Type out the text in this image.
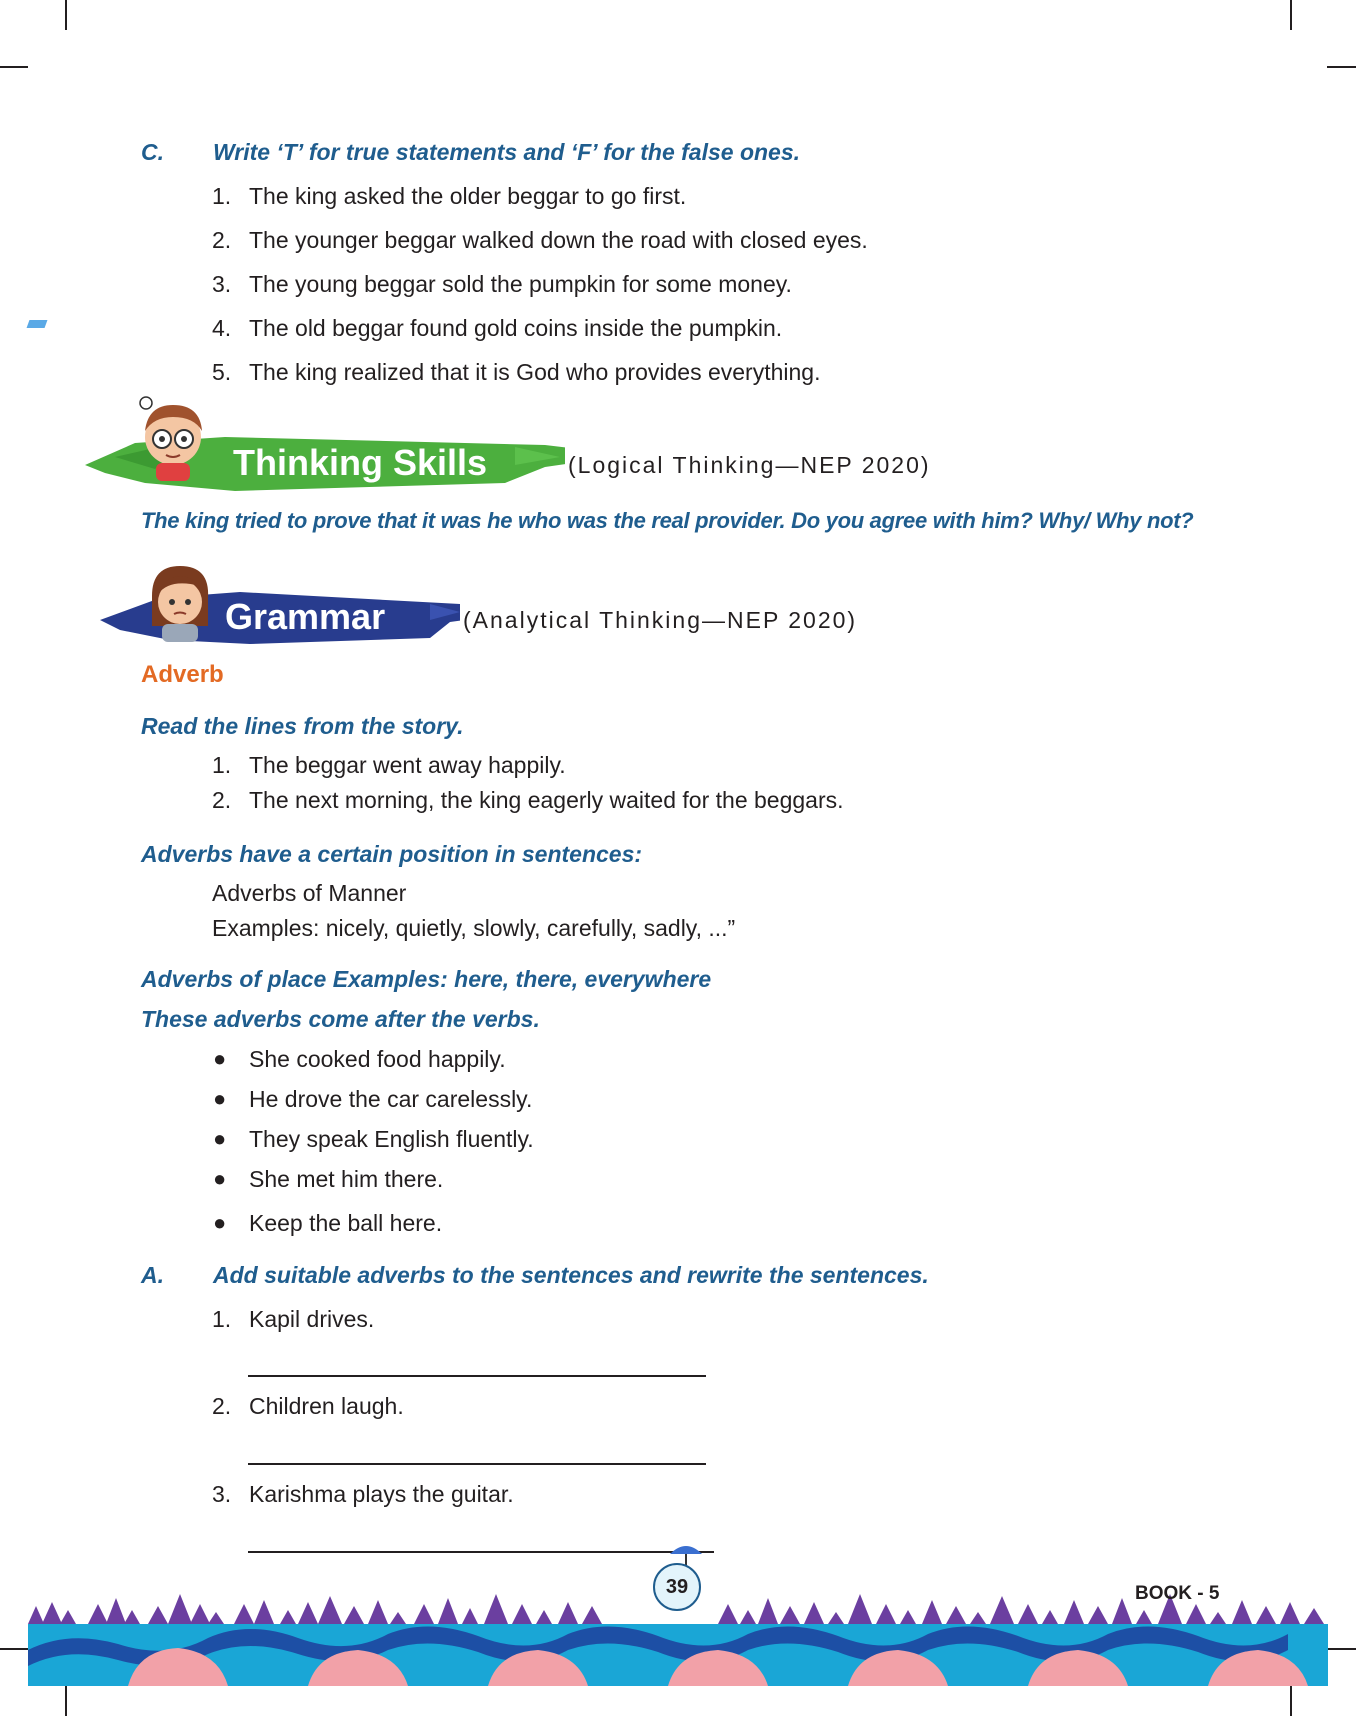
C. Write ‘T’ for true statements and ‘F’ for the false ones.
1. The king asked the older beggar to go first.
2. The younger beggar walked down the road with closed eyes.
3. The young beggar sold the pumpkin for some money.
4. The old beggar found gold coins inside the pumpkin.
5. The king realized that it is God who provides everything.
Thinking Skills	(Logical Thinking—NEP 2020)
The king tried to prove that it was he who was the real provider. Do you agree with him? Why/ Why not?
Grammar	(Analytical Thinking—NEP 2020)
Adverb
Read the lines from the story.
1. The beggar went away happily.
2. The next morning, the king eagerly waited for the beggars.
Adverbs have a certain position in sentences:
Adverbs of Manner
Examples: nicely, quietly, slowly, carefully, sadly, ...”
Adverbs of place Examples: here, there, everywhere
These adverbs come after the verbs.
● She cooked food happily.
● He drove the car carelessly.
● They speak English fluently.
● She met him there.
● Keep the ball here.
A. Add suitable adverbs to the sentences and rewrite the sentences.
1. Kapil drives.
2. Children laugh.
3. Karishma plays the guitar.
39	BOOK - 5
